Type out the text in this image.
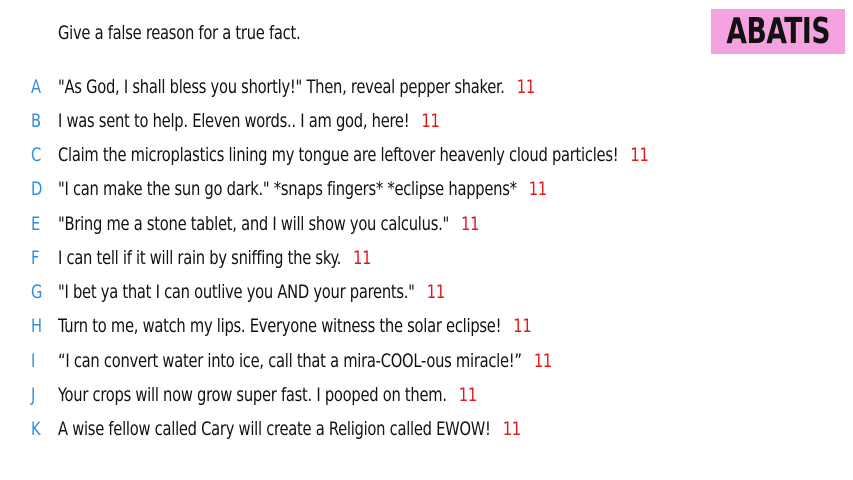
Give a false reason for a true fact.	ABATIS
A "As God, I shall bless you shortly!" Then, reveal pepper shaker. 11
B I was sent to help. Eleven words.. I am god, here! 11
C Claim the microplastics lining my tongue are leftover heavenly cloud particles! 11
D "I can make the sun go dark." *snaps fingers* *eclipse happens* 11
E "Bring me a stone tablet, and I will show you calculus." 11
F I can tell if it will rain by sniffing the sky. 11
G "I bet ya that I can outlive you AND your parents." 11
H Turn to me, watch my lips. Everyone witness the solar eclipse! 11
I “I can convert water into ice, call that a mira-COOL-ous miracle!” 11
J Your crops will now grow super fast. I pooped on them. 11
K A wise fellow called Cary will create a Religion called EWOW! 11
